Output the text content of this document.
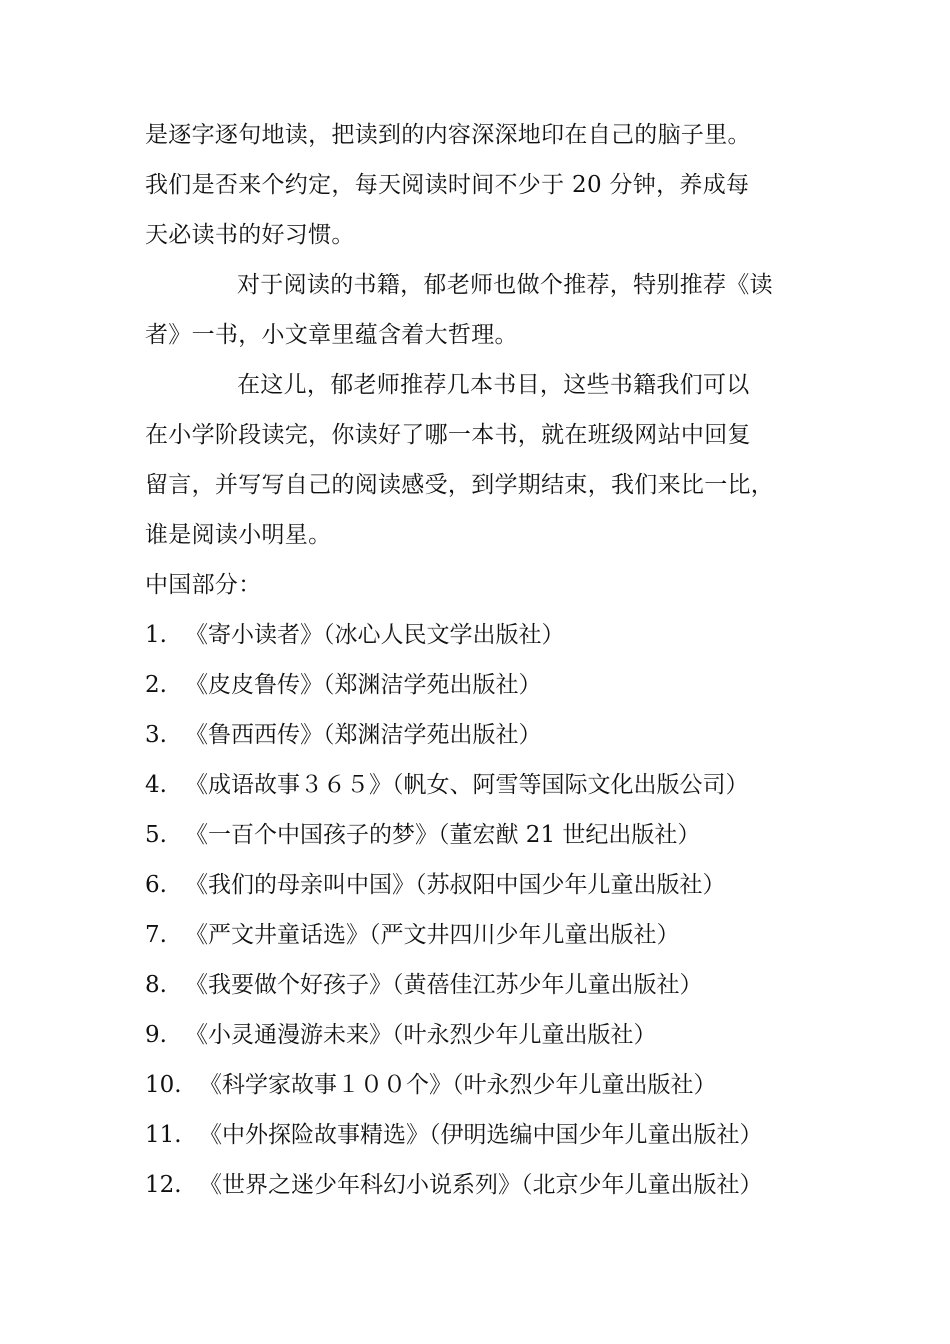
是逐字逐句地读，把读到的内容深深地印在自己的脑子里。
我们是否来个约定，每天阅读时间不少于 20 分钟，养成每
天必读书的好习惯。
对于阅读的书籍，郁老师也做个推荐，特别推荐《读
者》一书，小文章里蕴含着大哲理。
在这儿，郁老师推荐几本书目，这些书籍我们可以
在小学阶段读完，你读好了哪一本书，就在班级网站中回复
留言，并写写自己的阅读感受，到学期结束，我们来比一比，
谁是阅读小明星。
中国部分：
1. 《寄小读者》（冰心人民文学出版社）
2. 《皮皮鲁传》（郑渊洁学苑出版社）
3. 《鲁西西传》（郑渊洁学苑出版社）
4. 《成语故事３６５》（帆女、阿雪等国际文化出版公司）
5. 《一百个中国孩子的梦》（董宏猷 21 世纪出版社）
6. 《我们的母亲叫中国》（苏叔阳中国少年儿童出版社）
7. 《严文井童话选》（严文井四川少年儿童出版社）
8. 《我要做个好孩子》（黄蓓佳江苏少年儿童出版社）
9. 《小灵通漫游未来》（叶永烈少年儿童出版社）
10. 《科学家故事１００个》（叶永烈少年儿童出版社）
11. 《中外探险故事精选》（伊明选编中国少年儿童出版社）
12. 《世界之迷少年科幻小说系列》（北京少年儿童出版社）
